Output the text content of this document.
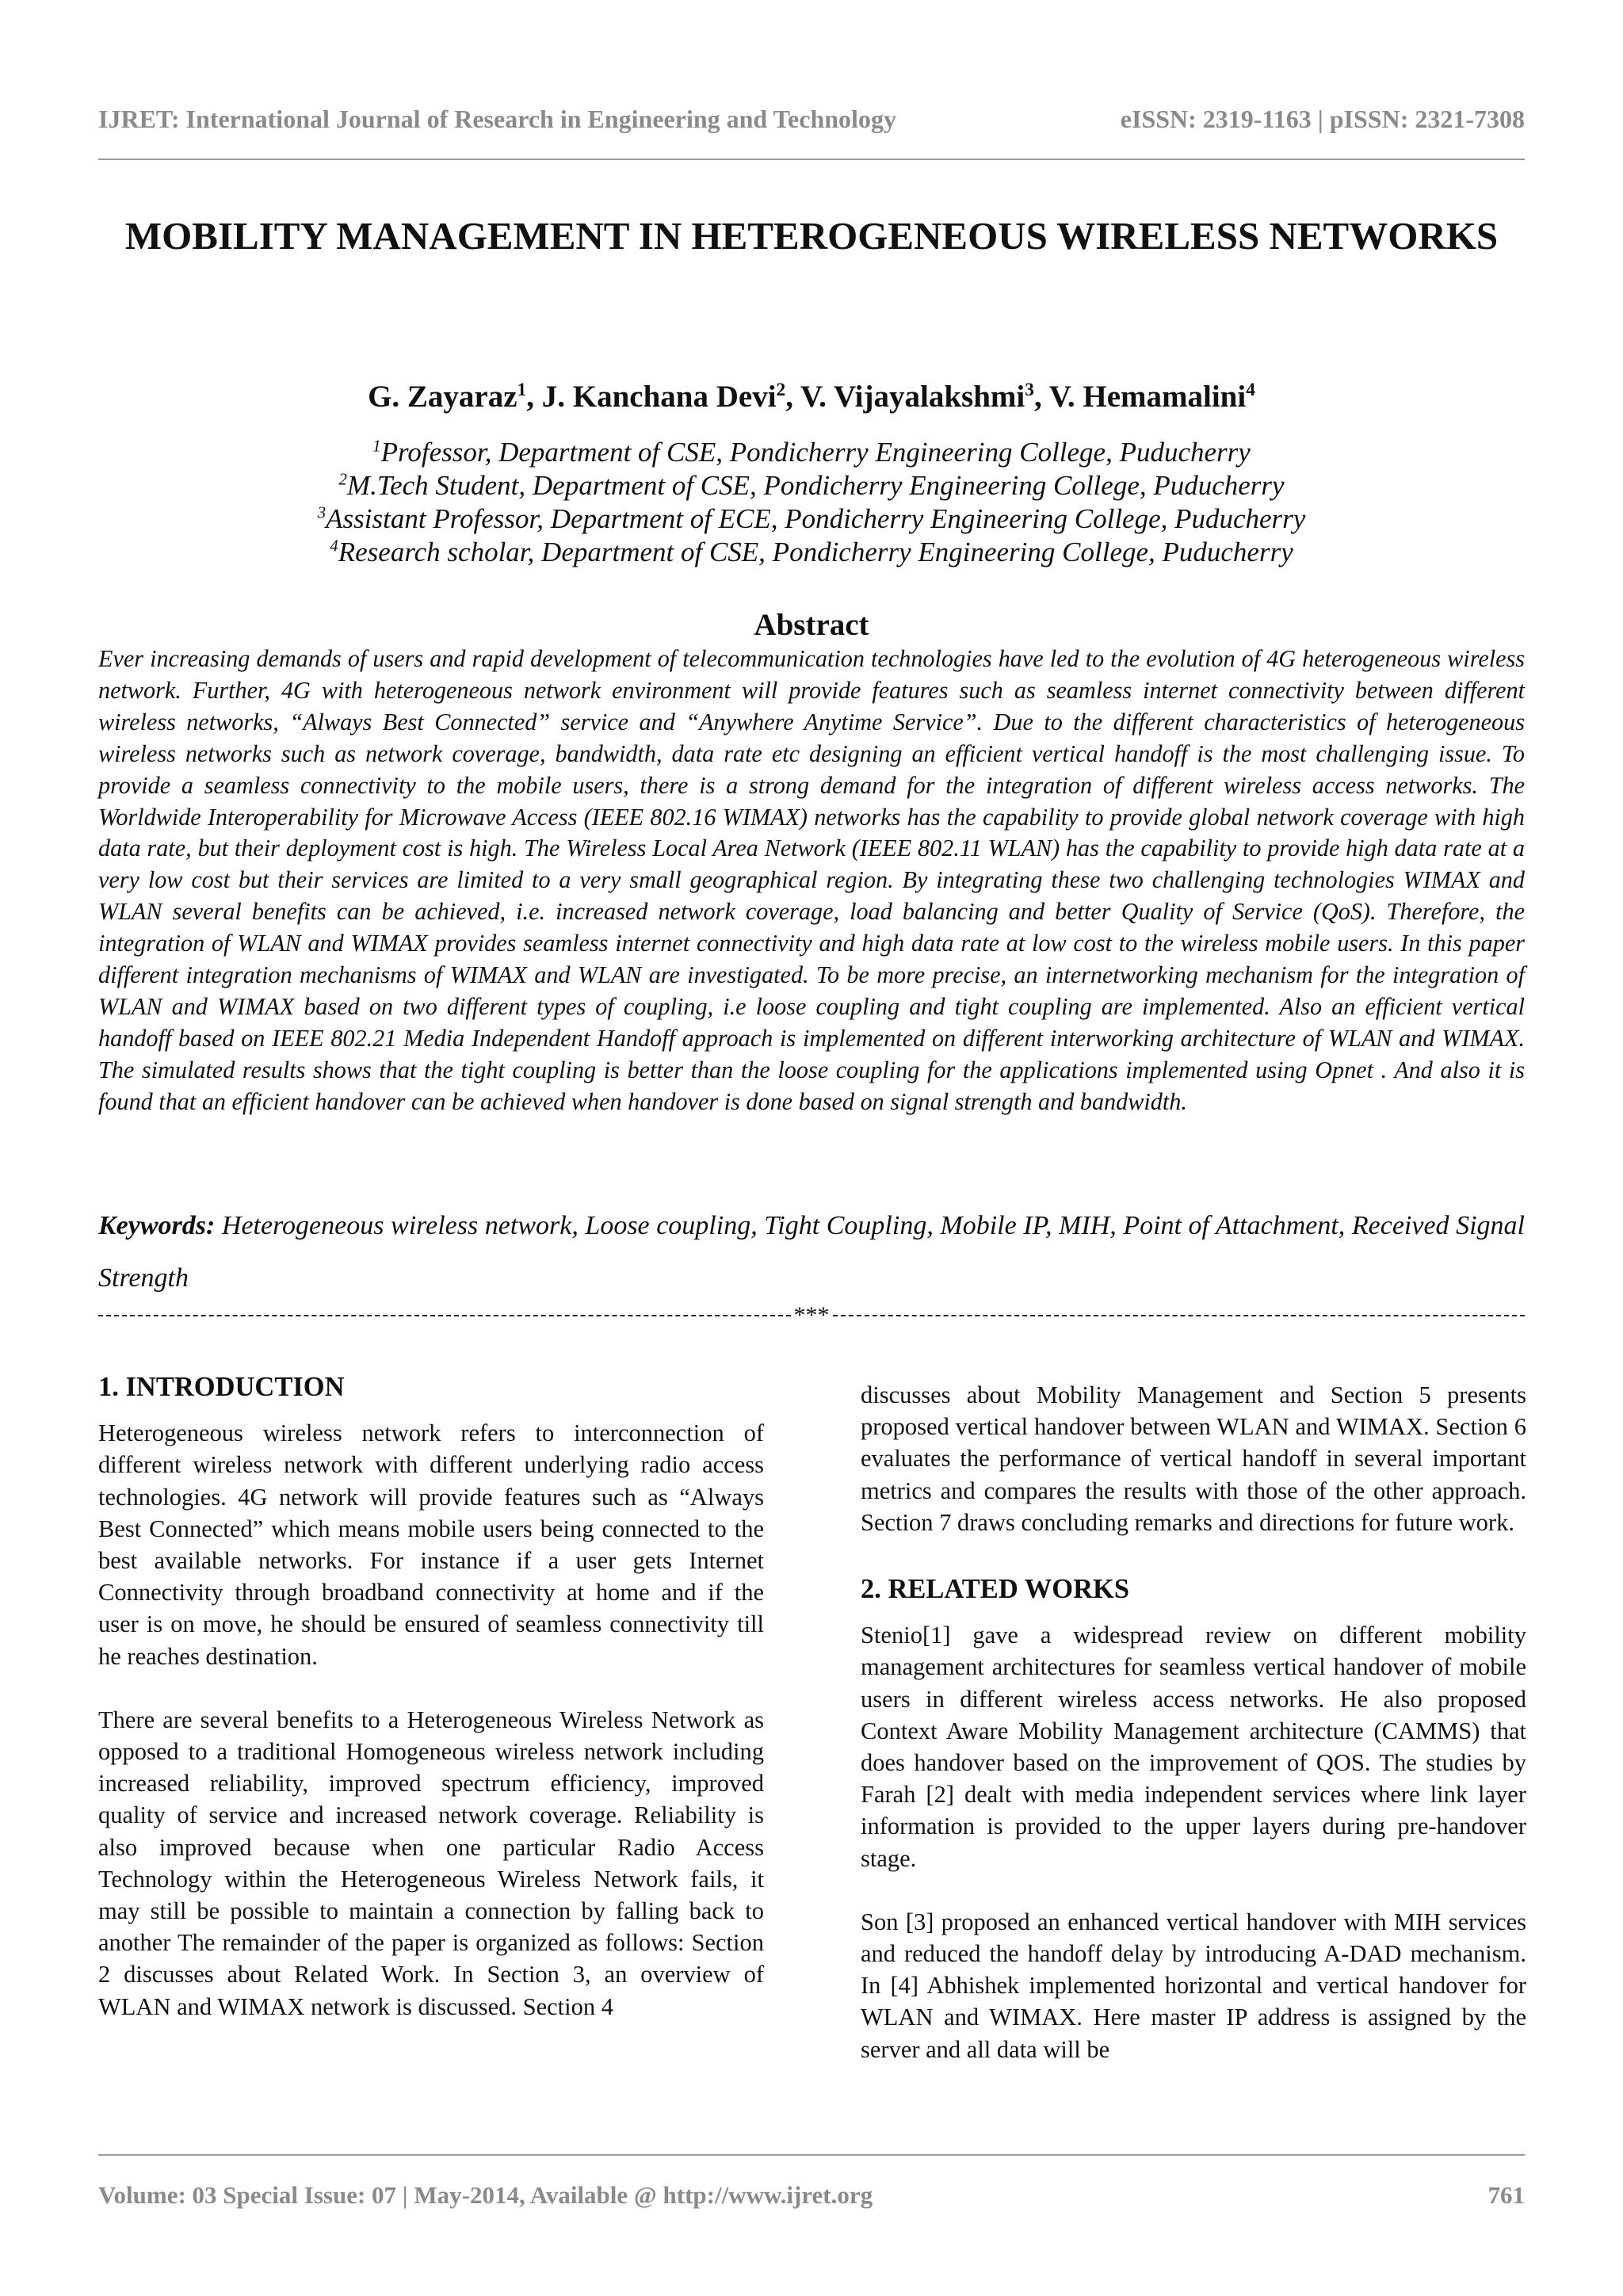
IJRET: International Journal of Research in Engineering and Technology	eISSN: 2319-1163 | pISSN: 2321-7308
MOBILITY MANAGEMENT IN HETEROGENEOUS WIRELESS NETWORKS
G. Zayaraz$^1$, J. Kanchana Devi$^2$, V. Vijayalakshmi$^3$, V. Hemamalini$^4$
$^1$Professor, Department of CSE, Pondicherry Engineering College, Puducherry
$^2$M.Tech Student, Department of CSE, Pondicherry Engineering College, Puducherry
$^3$Assistant Professor, Department of ECE, Pondicherry Engineering College, Puducherry
$^4$Research scholar, Department of CSE, Pondicherry Engineering College, Puducherry
Abstract
Ever increasing demands of users and rapid development of telecommunication technologies have led to the evolution of 4G heterogeneous wireless network. Further, 4G with heterogeneous network environment will provide features such as seamless internet connectivity between different wireless networks, “Always Best Connected” service and “Anywhere Anytime Service”. Due to the different characteristics of heterogeneous wireless networks such as network coverage, bandwidth, data rate etc designing an efficient vertical handoff is the most challenging issue. To provide a seamless connectivity to the mobile users, there is a strong demand for the integration of different wireless access networks. The Worldwide Interoperability for Microwave Access (IEEE 802.16 WIMAX) networks has the capability to provide global network coverage with high data rate, but their deployment cost is high. The Wireless Local Area Network (IEEE 802.11 WLAN) has the capability to provide high data rate at a very low cost but their services are limited to a very small geographical region. By integrating these two challenging technologies WIMAX and WLAN several benefits can be achieved, i.e. increased network coverage, load balancing and better Quality of Service (QoS). Therefore, the integration of WLAN and WIMAX provides seamless internet connectivity and high data rate at low cost to the wireless mobile users. In this paper different integration mechanisms of WIMAX and WLAN are investigated. To be more precise, an internetworking mechanism for the integration of WLAN and WIMAX based on two different types of coupling, i.e loose coupling and tight coupling are implemented. Also an efficient vertical handoff based on IEEE 802.21 Media Independent Handoff approach is implemented on different interworking architecture of WLAN and WIMAX. The simulated results shows that the tight coupling is better than the loose coupling for the applications implemented using Opnet . And also it is found that an efficient handover can be achieved when handover is done based on signal strength and bandwidth.
Keywords: Heterogeneous wireless network, Loose coupling, Tight Coupling, Mobile IP, MIH, Point of Attachment, Received Signal Strength
***
1. INTRODUCTION

Heterogeneous wireless network refers to interconnection of different wireless network with different underlying radio access technologies. 4G network will provide features such as “Always Best Connected” which means mobile users being connected to the best available networks. For instance if a user gets Internet Connectivity through broadband connectivity at home and if the user is on move, he should be ensured of seamless connectivity till he reaches destination.

There are several benefits to a Heterogeneous Wireless Network as opposed to a traditional Homogeneous wireless network including increased reliability, improved spectrum efficiency, improved quality of service and increased network coverage. Reliability is also improved because when one particular Radio Access Technology within the Heterogeneous Wireless Network fails, it may still be possible to maintain a connection by falling back to another The remainder of the paper is organized as follows: Section 2 discusses about Related Work. In Section 3, an overview of WLAN and WIMAX network is discussed. Section 4

discusses about Mobility Management and Section 5 presents proposed vertical handover between WLAN and WIMAX. Section 6 evaluates the performance of vertical handoff in several important metrics and compares the results with those of the other approach. Section 7 draws concluding remarks and directions for future work.

2. RELATED WORKS

Stenio[1] gave a widespread review on different mobility management architectures for seamless vertical handover of mobile users in different wireless access networks. He also proposed Context Aware Mobility Management architecture (CAMMS) that does handover based on the improvement of QOS. The studies by Farah [2] dealt with media independent services where link layer information is provided to the upper layers during pre-handover stage.

Son [3] proposed an enhanced vertical handover with MIH services and reduced the handoff delay by introducing A-DAD mechanism. In [4] Abhishek implemented horizontal and vertical handover for WLAN and WIMAX. Here master IP address is assigned by the server and all data will be

Volume: 03 Special Issue: 07 | May-2014, Available @ http://www.ijret.org	761
